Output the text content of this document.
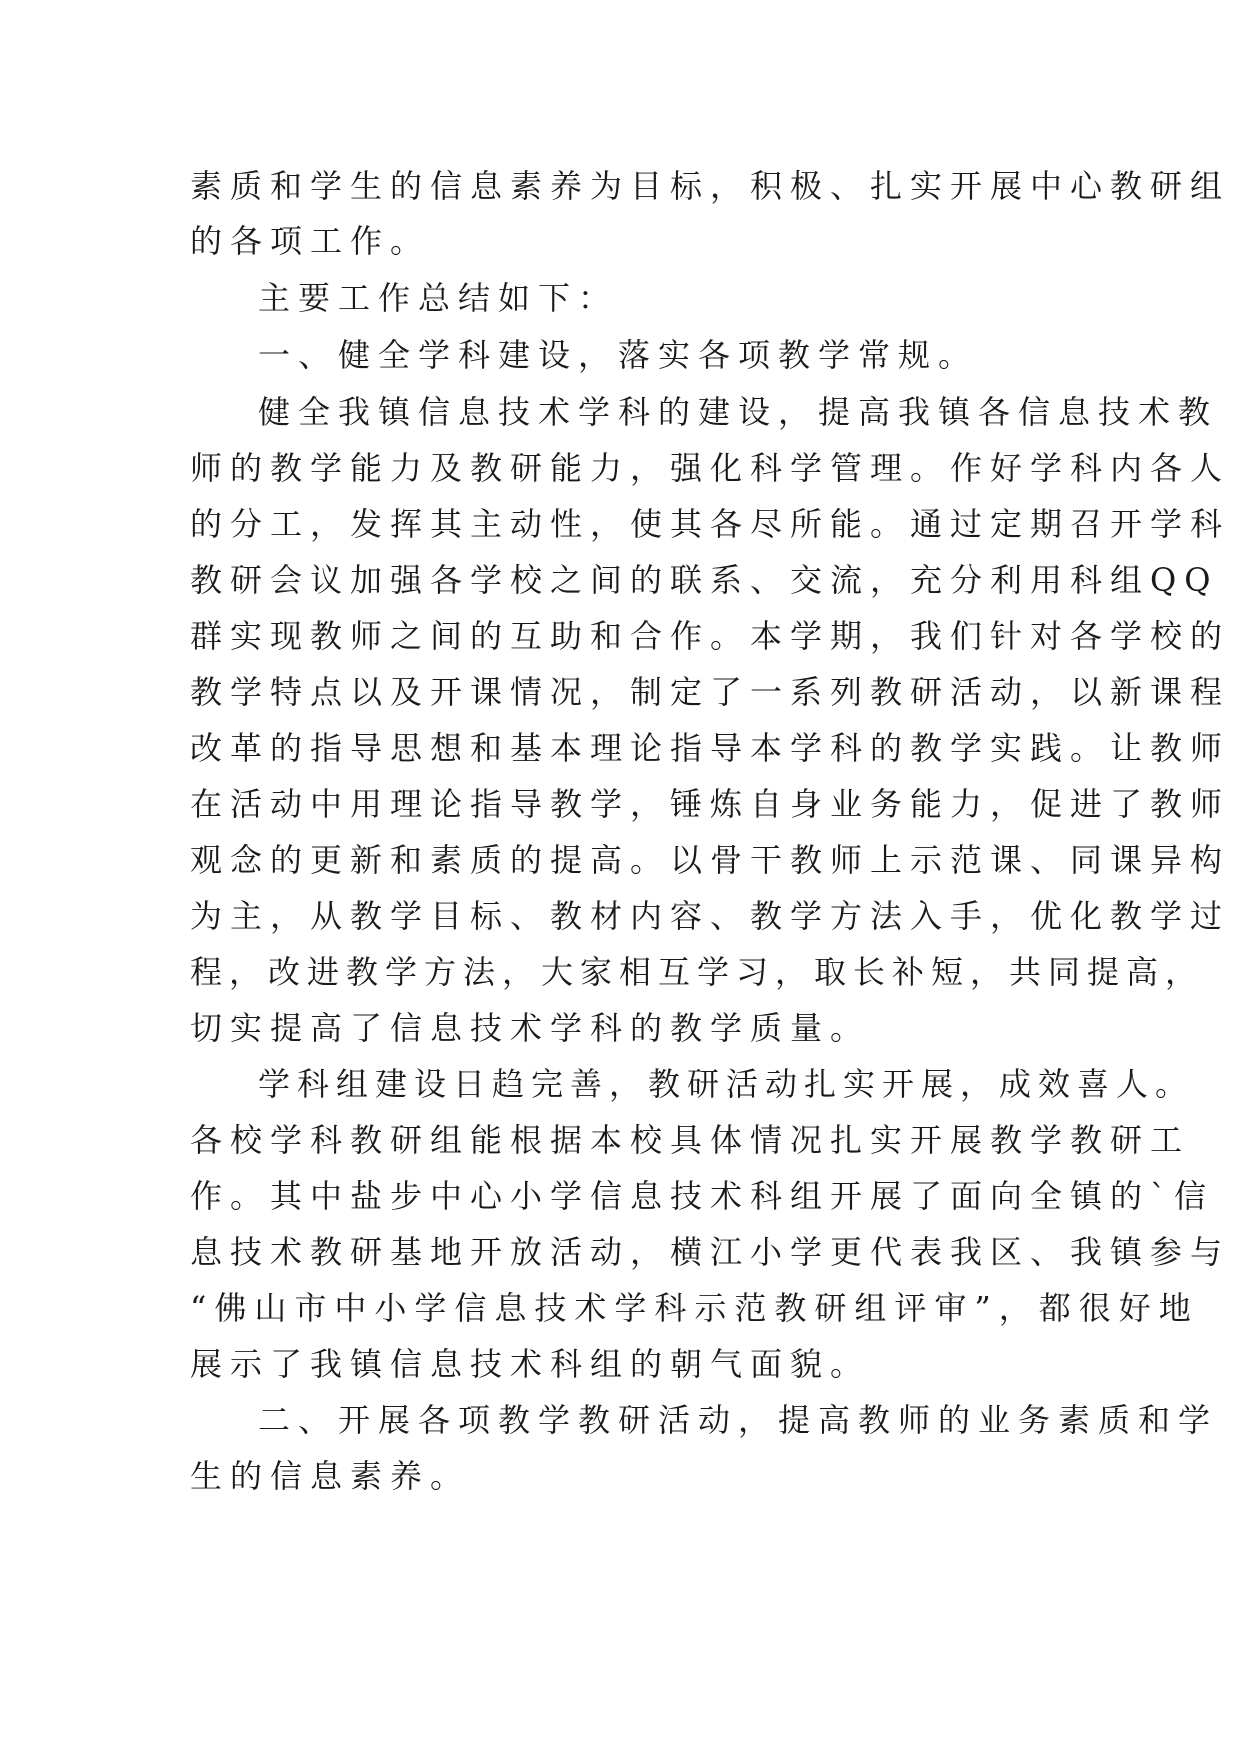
素质和学生的信息素养为目标，积极、扎实开展中心教研组
的各项工作。
主要工作总结如下：
一、健全学科建设，落实各项教学常规。
健全我镇信息技术学科的建设，提高我镇各信息技术教
师的教学能力及教研能力，强化科学管理。作好学科内各人
的分工，发挥其主动性，使其各尽所能。通过定期召开学科
教研会议加强各学校之间的联系、交流，充分利用科组QQ
群实现教师之间的互助和合作。本学期，我们针对各学校的
教学特点以及开课情况，制定了一系列教研活动，以新课程
改革的指导思想和基本理论指导本学科的教学实践。让教师
在活动中用理论指导教学，锤炼自身业务能力，促进了教师
观念的更新和素质的提高。以骨干教师上示范课、同课异构
为主，从教学目标、教材内容、教学方法入手，优化教学过
程，改进教学方法，大家相互学习，取长补短，共同提高，
切实提高了信息技术学科的教学质量。
学科组建设日趋完善，教研活动扎实开展，成效喜人。
各校学科教研组能根据本校具体情况扎实开展教学教研工
作。其中盐步中心小学信息技术科组开展了面向全镇的`信
息技术教研基地开放活动，横江小学更代表我区、我镇参与
“佛山市中小学信息技术学科示范教研组评审”，都很好地
展示了我镇信息技术科组的朝气面貌。
二、开展各项教学教研活动，提高教师的业务素质和学
生的信息素养。
